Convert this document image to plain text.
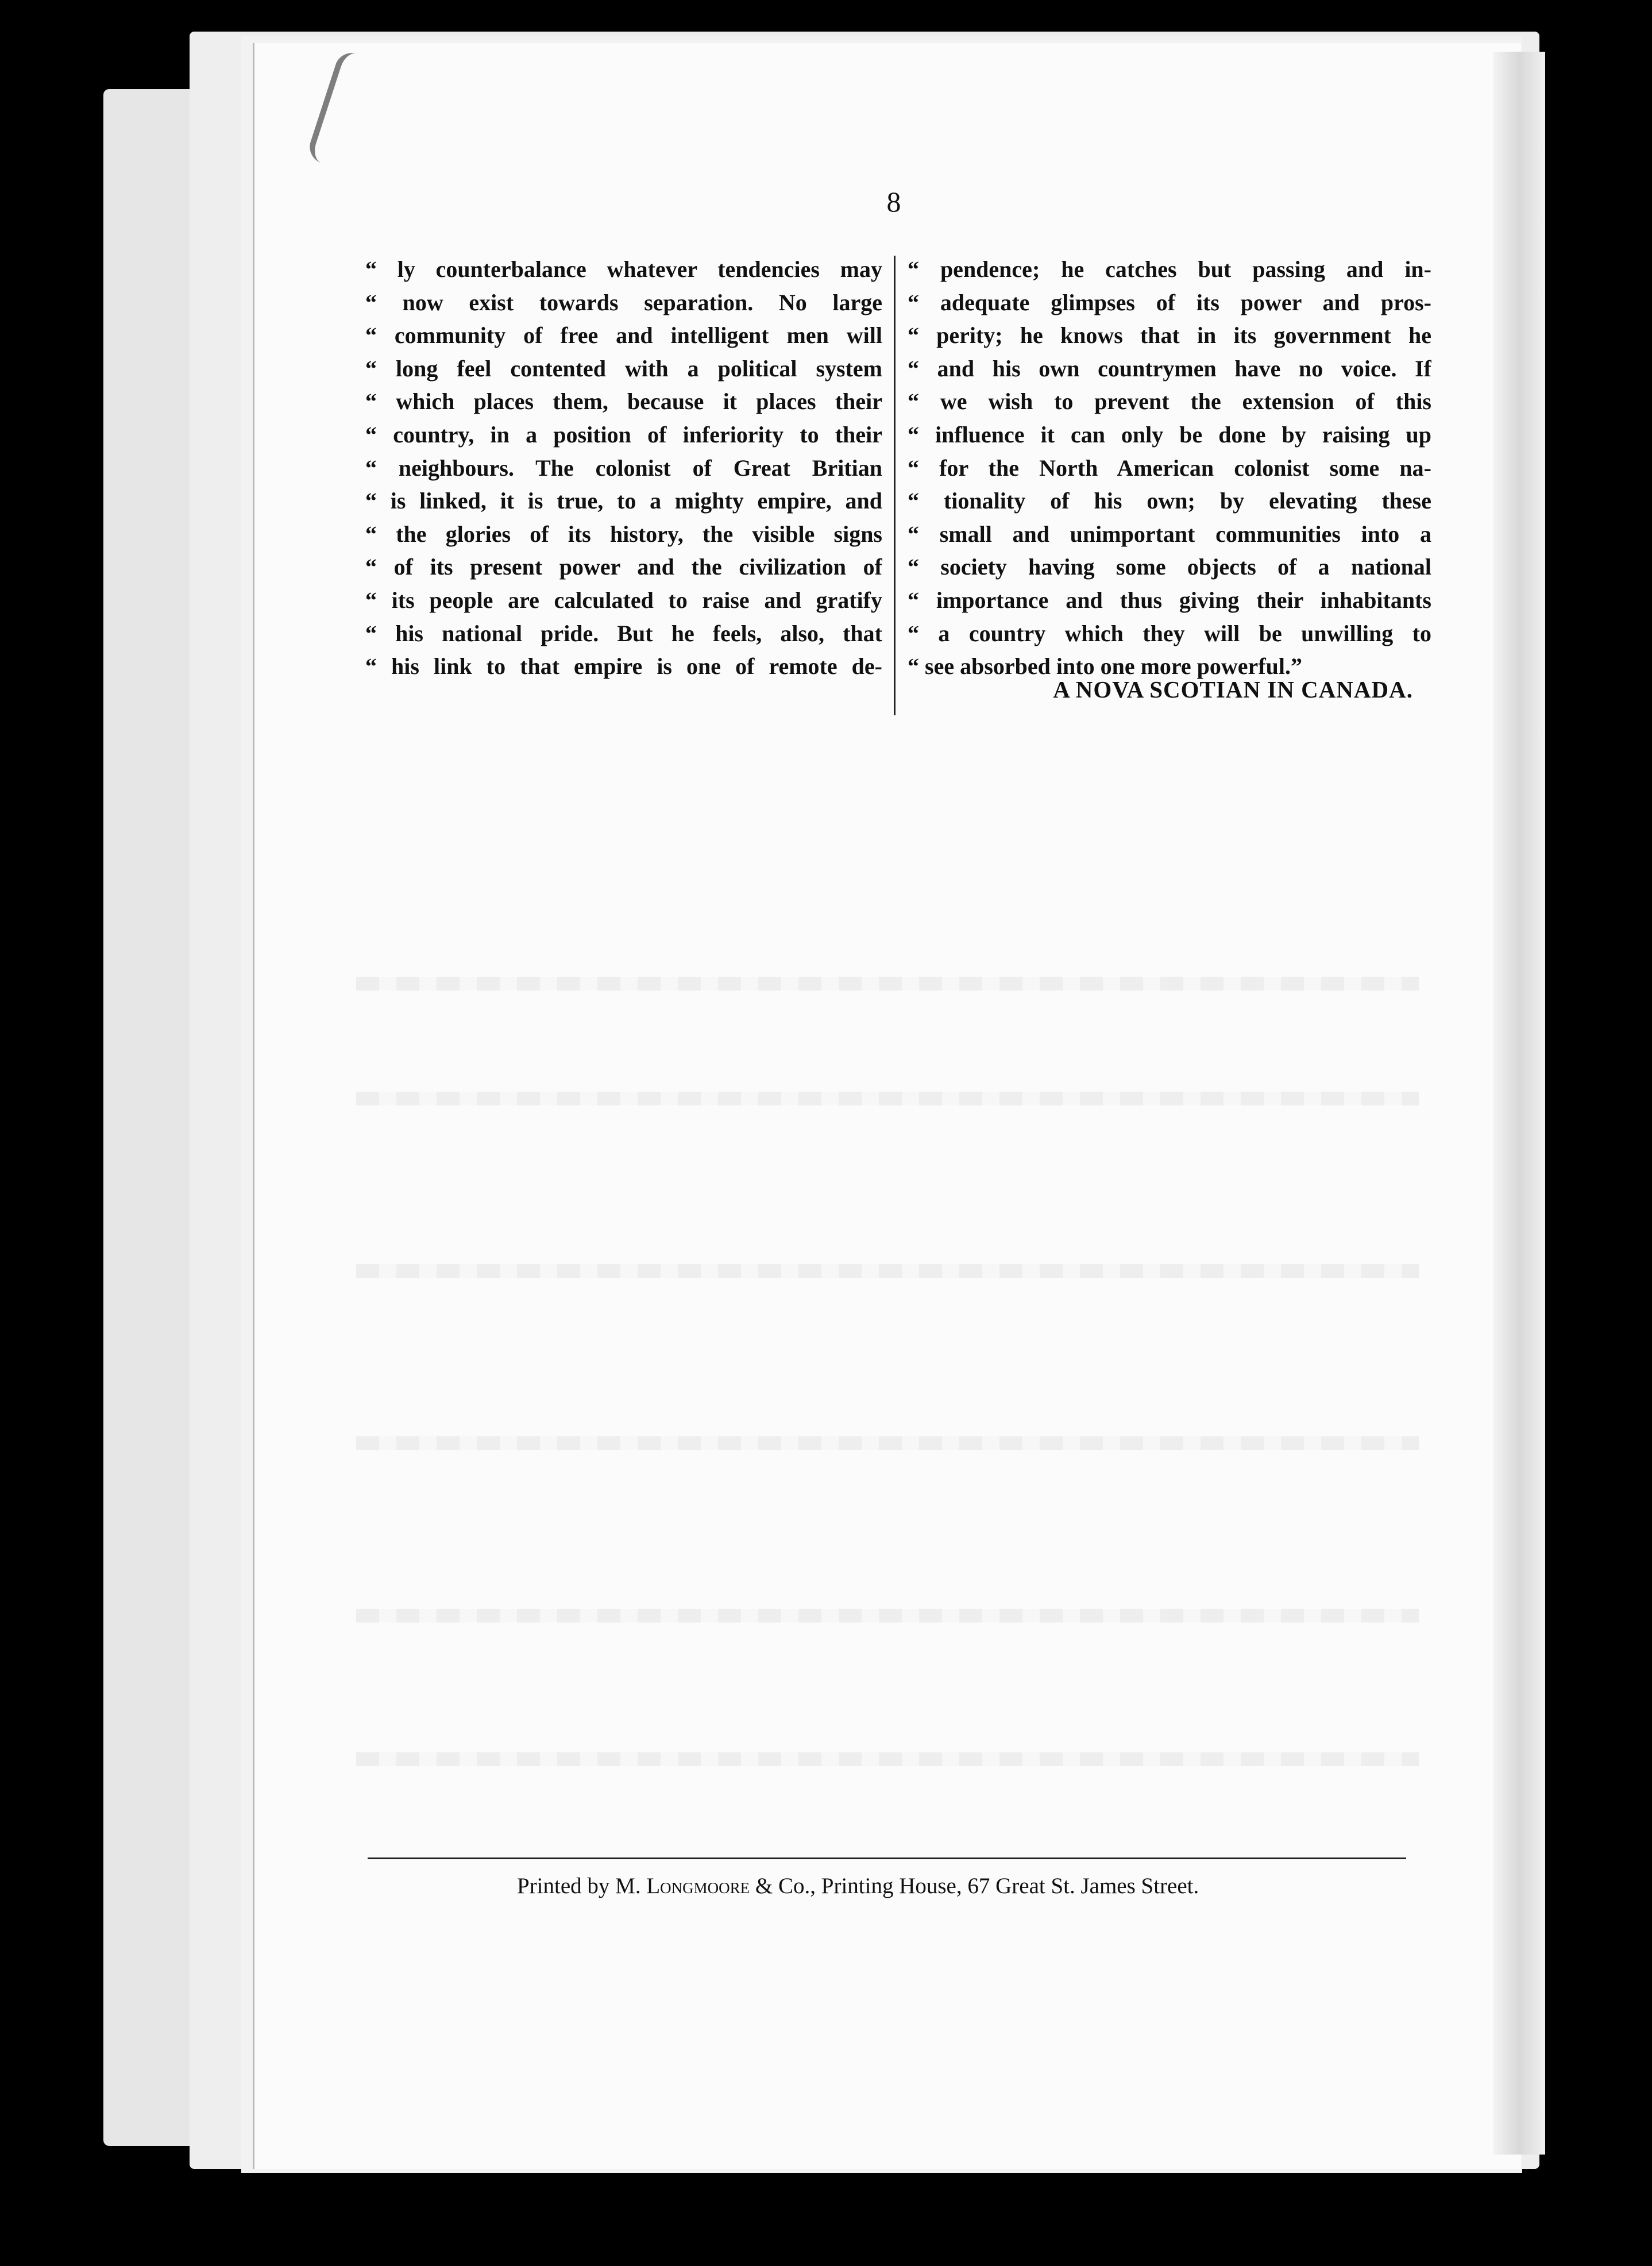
8
“ ly counterbalance whatever tendencies may
“ now exist towards separation. No large
“ community of free and intelligent men will
“ long feel contented with a political system
“ which places them, because it places their
“ country, in a position of inferiority to their
“ neighbours. The colonist of Great Britian
“ is linked, it is true, to a mighty empire, and
“ the glories of its history, the visible signs
“ of its present power and the civilization of
“ its people are calculated to raise and gratify
“ his national pride. But he feels, also, that
“ his link to that empire is one of remote de-
“ pendence; he catches but passing and in-
“ adequate glimpses of its power and pros-
“ perity; he knows that in its government he
“ and his own countrymen have no voice. If
“ we wish to prevent the extension of this
“ influence it can only be done by raising up
“ for the North American colonist some na-
“ tionality of his own; by elevating these
“ small and unimportant communities into a
“ society having some objects of a national
“ importance and thus giving their inhabitants
“ a country which they will be unwilling to
“ see absorbed into one more powerful.”
A NOVA SCOTIAN IN CANADA.
Printed by M. Longmoore & Co., Printing House, 67 Great St. James Street.
